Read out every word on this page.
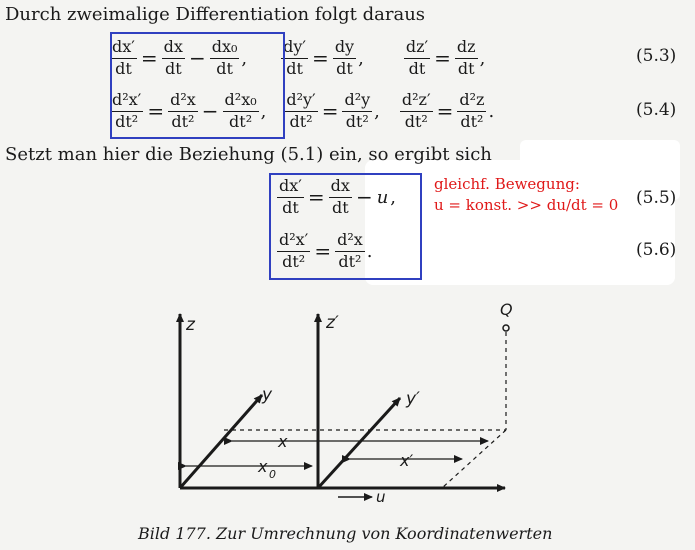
Durch zweimalige Differentiation folgt daraus
$\frac{dx'}{dt} = \frac{dx}{dt} - \frac{\text{dx₀}}{dt}$ , $\frac{dy'}{dt} = \frac{dy}{dt}$ ,	$\frac{dz'}{dt} = \frac{dz}{dt}$ ,	(5.3)
$\frac{\text{d²x′}}{\text{dt²}} = \frac{\text{d²x}}{\text{dt²}} - \frac{\text{d²x₀}}{\text{dt²}}$ , $\frac{\text{d²y′}}{\text{dt²}} = \frac{\text{d²y}}{\text{dt²}}$ , $\frac{\text{d²z′}}{\text{dt²}} = \frac{\text{d²z}}{\text{dt²}}$ .	(5.4)
Setzt man hier die Beziehung (5.1) ein, so ergibt sich
$\frac{dx'}{dt} = \frac{dx}{dt} - u$ ,	(5.5)
$\frac{\text{d²x′}}{\text{dt²}} = \frac{\text{d²x}}{\text{dt²}}$ .	(5.6)
gleichf. Bewegung:
u = konst. >> du/dt = 0
z	z′
y	y′
x
x 0
x′
u
Q
Bild 177. Zur Umrechnung von Koordinatenwerten
